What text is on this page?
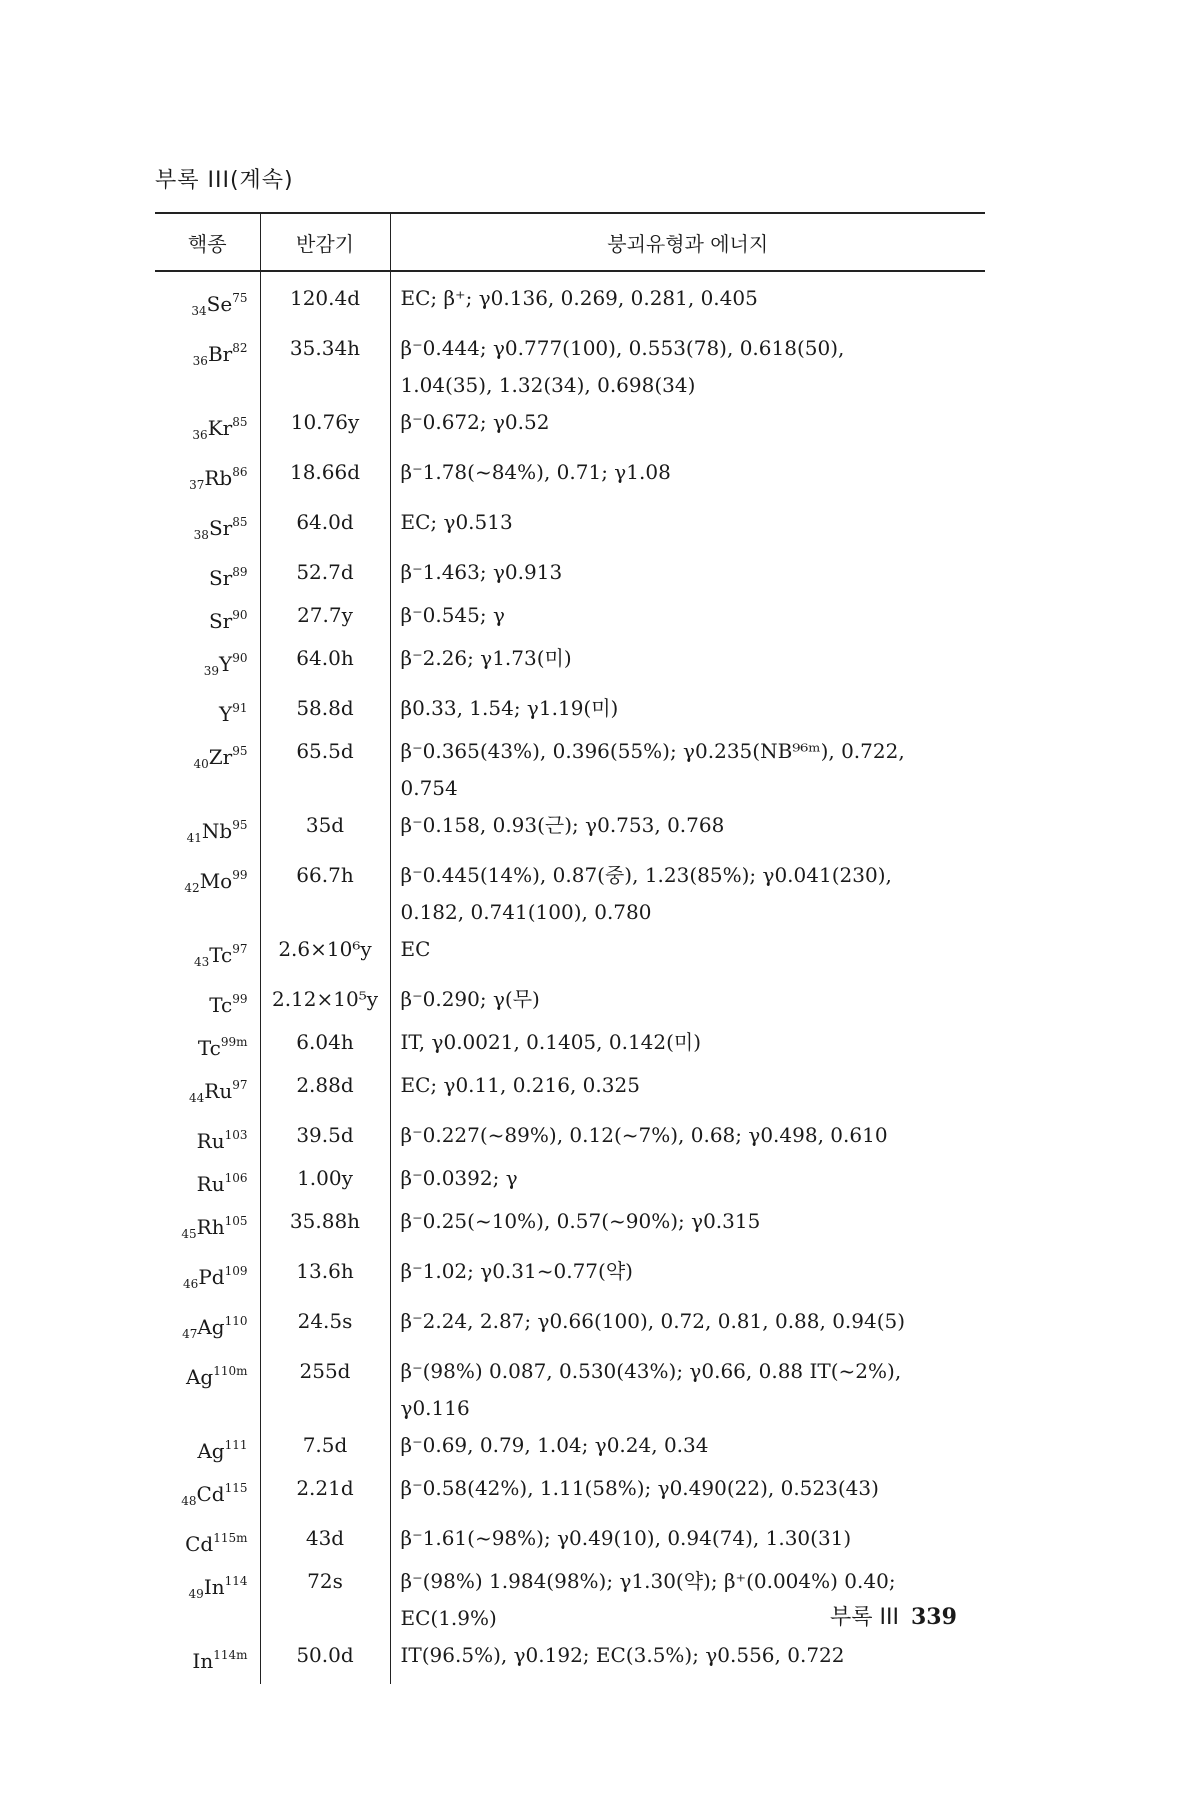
부록 III(계속)
핵종	반감기	붕괴유형과 에너지
$_{34}Se^{75}$	120.4d	EC; β⁺; γ0.136, 0.269, 0.281, 0.405
$_{36}Br^{82}$	35.34h	β⁻0.444; γ0.777(100), 0.553(78), 0.618(50),
1.04(35), 1.32(34), 0.698(34)
$_{36}Kr^{85}$	10.76y	β⁻0.672; γ0.52
$_{37}Rb^{86}$	18.66d	β⁻1.78(~84%), 0.71; γ1.08
$_{38}Sr^{85}$	64.0d	EC; γ0.513
Sr$^{89}$	52.7d	β⁻1.463; γ0.913
Sr$^{90}$	27.7y	β⁻0.545; γ
$_{39}Y^{90}$	64.0h	β⁻2.26; γ1.73(미)
$Y^{91}$	58.8d	β0.33, 1.54; γ1.19(미)
$_{40}Zr^{95}$	65.5d	β⁻0.365(43%), 0.396(55%); γ0.235(NB⁹⁶ᵐ), 0.722,
0.754
$_{41}Nb^{95}$	35d	β⁻0.158, 0.93(근); γ0.753, 0.768
$_{42}Mo^{99}$	66.7h	β⁻0.445(14%), 0.87(중), 1.23(85%); γ0.041(230),
0.182, 0.741(100), 0.780
$_{43}Tc^{97}$	2.6×10⁶y	EC
Tc$^{99}$	2.12×10⁵y	β⁻0.290; γ(무)
$Tc^{99m}$	6.04h	IT, γ0.0021, 0.1405, 0.142(미)
$_{44}Ru^{97}$	2.88d	EC; γ0.11, 0.216, 0.325
Ru$^{103}$	39.5d	β⁻0.227(~89%), 0.12(~7%), 0.68; γ0.498, 0.610
Ru$^{106}$	1.00y	β⁻0.0392; γ
$_{45}Rh^{105}$	35.88h	β⁻0.25(~10%), 0.57(~90%); γ0.315
$_{46}Pd^{109}$	13.6h	β⁻1.02; γ0.31~0.77(약)
$_{47}Ag^{110}$	24.5s	β⁻2.24, 2.87; γ0.66(100), 0.72, 0.81, 0.88, 0.94(5)
$Ag^{110m}$	255d	β⁻(98%) 0.087, 0.530(43%); γ0.66, 0.88 IT(~2%),
γ0.116
Ag$^{111}$	7.5d	β⁻0.69, 0.79, 1.04; γ0.24, 0.34
$_{48}Cd^{115}$	2.21d	β⁻0.58(42%), 1.11(58%); γ0.490(22), 0.523(43)
$Cd^{115m}$	43d	β⁻1.61(~98%); γ0.49(10), 0.94(74), 1.30(31)
$_{49}In^{114}$	72s	β⁻(98%) 1.984(98%); γ1.30(약); β⁺(0.004%) 0.40;
EC(1.9%)
$In^{114m}$	50.0d	IT(96.5%), γ0.192; EC(3.5%); γ0.556, 0.722
부록 III 339
